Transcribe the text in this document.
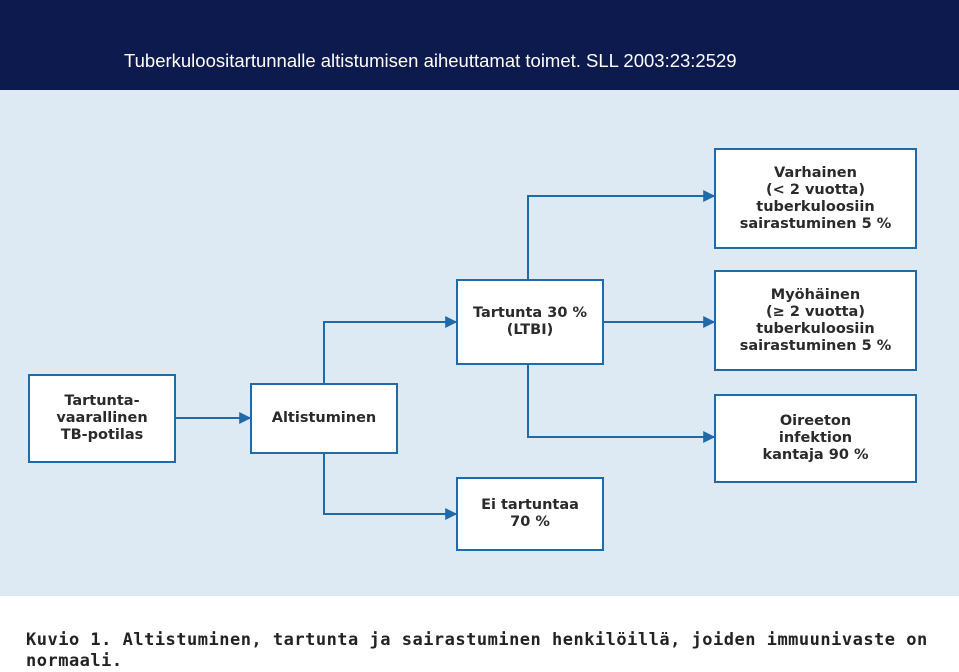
Tuberkuloositartunnalle altistumisen aiheuttamat toimet. SLL 2003:23:2529
Tartunta-
vaarallinen
TB-potilas
Altistuminen
Tartunta 30 %
(LTBI)
Ei tartuntaa
70 %
Varhainen
(< 2 vuotta)
tuberkuloosiin
sairastuminen 5 %
Myöhäinen
(≥ 2 vuotta)
tuberkuloosiin
sairastuminen 5 %
Oireeton
infektion
kantaja 90 %
Kuvio 1. Altistuminen, tartunta ja sairastuminen henkilöillä, joiden immuunivaste on normaali.
